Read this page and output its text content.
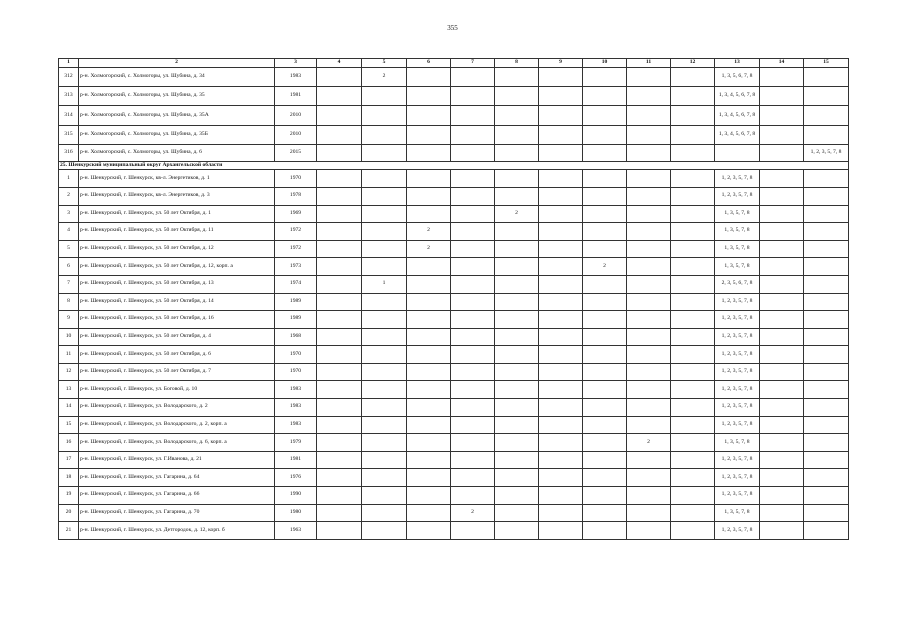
355
1	2	3	4	5	6	7	8	9	10	11	12	13	14	15
312	р-н. Холмогорский, с. Холмогоры, ул. Шубина, д. 34	1983		2								1, 3, 5, 6, 7, 8		
313	р-н. Холмогорский, с. Холмогоры, ул. Шубина, д. 35	1981										1, 3, 4, 5, 6, 7, 8		
314	р-н. Холмогорский, с. Холмогоры, ул. Шубина, д. 35А	2010										1, 3, 4, 5, 6, 7, 8		
315	р-н. Холмогорский, с. Холмогоры, ул. Шубина, д. 35Б	2010										1, 3, 4, 5, 6, 7, 8		
316	р-н. Холмогорский, с. Холмогоры, ул. Шубина, д. 6	2015												1, 2, 3, 5, 7, 8
25. Шенкурский муниципальный округ Архангельской области														
1	р-н. Шенкурский, г. Шенкурск, кв-л. Энергетиков, д. 1	1970										1, 2, 3, 5, 7, 8		
2	р-н. Шенкурский, г. Шенкурск, кв-л. Энергетиков, д. 3	1978										1, 2, 3, 5, 7, 8		
3	р-н. Шенкурский, г. Шенкурск, ул. 50 лет Октября, д. 1	1969					2					1, 3, 5, 7, 8		
4	р-н. Шенкурский, г. Шенкурск, ул. 50 лет Октября, д. 11	1972			2							1, 3, 5, 7, 8		
5	р-н. Шенкурский, г. Шенкурск, ул. 50 лет Октября, д. 12	1972			2							1, 3, 5, 7, 8		
6	р-н. Шенкурский, г. Шенкурск, ул. 50 лет Октября, д. 12, корп. а	1973							2			1, 3, 5, 7, 8		
7	р-н. Шенкурский, г. Шенкурск, ул. 50 лет Октября, д. 13	1974		1								2, 3, 5, 6, 7, 8		
8	р-н. Шенкурский, г. Шенкурск, ул. 50 лет Октября, д. 14	1989										1, 2, 3, 5, 7, 8		
9	р-н. Шенкурский, г. Шенкурск, ул. 50 лет Октября, д. 16	1989										1, 2, 3, 5, 7, 8		
10	р-н. Шенкурский, г. Шенкурск, ул. 50 лет Октября, д. 4	1968										1, 2, 3, 5, 7, 8		
11	р-н. Шенкурский, г. Шенкурск, ул. 50 лет Октября, д. 6	1970										1, 2, 3, 5, 7, 8		
12	р-н. Шенкурский, г. Шенкурск, ул. 50 лет Октября, д. 7	1970										1, 2, 3, 5, 7, 8		
13	р-н. Шенкурский, г. Шенкурск, ул. Боговой, д. 10	1983										1, 2, 3, 5, 7, 8		
14	р-н. Шенкурский, г. Шенкурск, ул. Володарского, д. 2	1983										1, 2, 3, 5, 7, 8		
15	р-н. Шенкурский, г. Шенкурск, ул. Володарского, д. 2, корп. а	1983										1, 2, 3, 5, 7, 8		
16	р-н. Шенкурский, г. Шенкурск, ул. Володарского, д. 6, корп. а	1979								2		1, 3, 5, 7, 8		
17	р-н. Шенкурский, г. Шенкурск, ул. Г.Иванова, д. 21	1981										1, 2, 3, 5, 7, 8		
18	р-н. Шенкурский, г. Шенкурск, ул. Гагарина, д. 64	1976										1, 2, 3, 5, 7, 8		
19	р-н. Шенкурский, г. Шенкурск, ул. Гагарина, д. 66	1990										1, 2, 3, 5, 7, 8		
20	р-н. Шенкурский, г. Шенкурск, ул. Гагарина, д. 70	1980				2						1, 3, 5, 7, 8		
21	р-н. Шенкурский, г. Шенкурск, ул. Детгородок, д. 12, корп. б	1963										1, 2, 3, 5, 7, 8		
